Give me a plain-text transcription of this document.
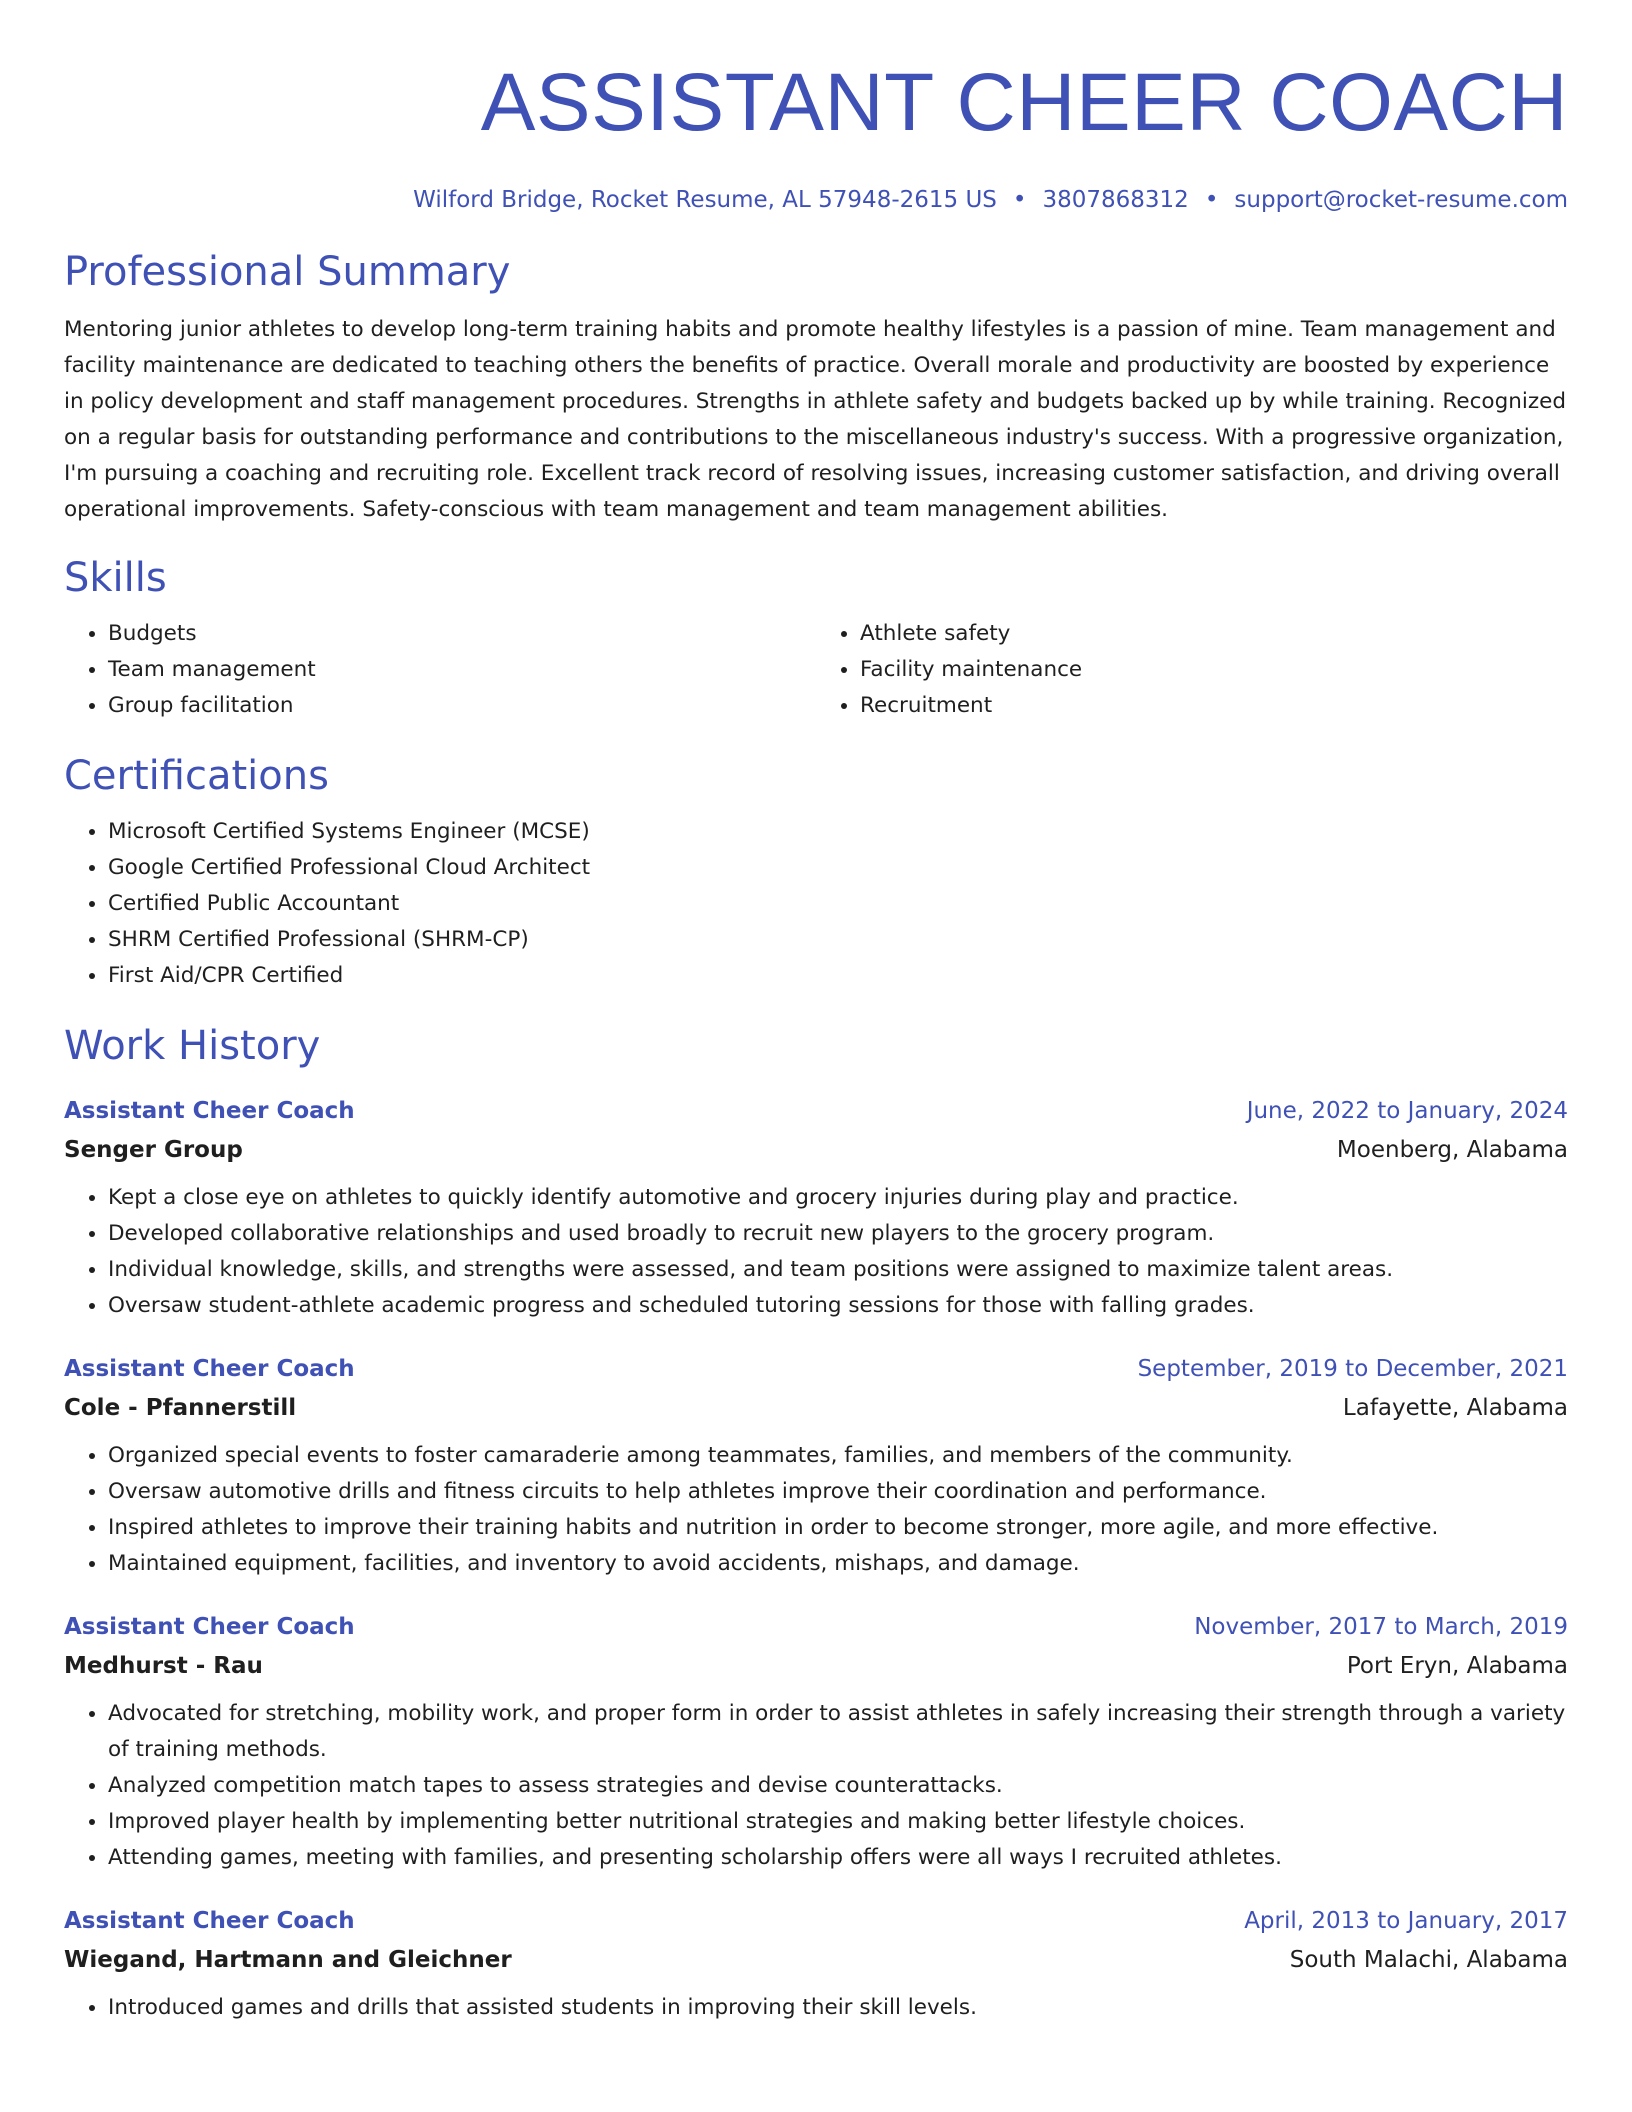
ASSISTANT CHEER COACH
Wilford Bridge, Rocket Resume, AL 57948-2615 US • 3807868312 • support@rocket-resume.com
Professional Summary

Mentoring junior athletes to develop long-term training habits and promote healthy lifestyles is a passion of mine. Team management and facility maintenance are dedicated to teaching others the benefits of practice. Overall morale and productivity are boosted by experience in policy development and staff management procedures. Strengths in athlete safety and budgets backed up by while training. Recognized on a regular basis for outstanding performance and contributions to the miscellaneous industry's success. With a progressive organization, I'm pursuing a coaching and recruiting role. Excellent track record of resolving issues, increasing customer satisfaction, and driving overall operational improvements. Safety-conscious with team management and team management abilities.

Skills
• Budgets
• Team management
• Group facilitation
• Athlete safety
• Facility maintenance
• Recruitment
Certifications
• Microsoft Certified Systems Engineer (MCSE)
• Google Certified Professional Cloud Architect
• Certified Public Accountant
• SHRM Certified Professional (SHRM-CP)
• First Aid/CPR Certified
Work History
Assistant Cheer Coach	June, 2022 to January, 2024
Senger Group	Moenberg, Alabama
• Kept a close eye on athletes to quickly identify automotive and grocery injuries during play and practice.
• Developed collaborative relationships and used broadly to recruit new players to the grocery program.
• Individual knowledge, skills, and strengths were assessed, and team positions were assigned to maximize talent areas.
• Oversaw student-athlete academic progress and scheduled tutoring sessions for those with falling grades.
Assistant Cheer Coach	September, 2019 to December, 2021
Cole - Pfannerstill	Lafayette, Alabama
• Organized special events to foster camaraderie among teammates, families, and members of the community.
• Oversaw automotive drills and fitness circuits to help athletes improve their coordination and performance.
• Inspired athletes to improve their training habits and nutrition in order to become stronger, more agile, and more effective.
• Maintained equipment, facilities, and inventory to avoid accidents, mishaps, and damage.
Assistant Cheer Coach	November, 2017 to March, 2019
Medhurst - Rau	Port Eryn, Alabama
• Advocated for stretching, mobility work, and proper form in order to assist athletes in safely increasing their strength through a variety of training methods.
• Analyzed competition match tapes to assess strategies and devise counterattacks.
• Improved player health by implementing better nutritional strategies and making better lifestyle choices.
• Attending games, meeting with families, and presenting scholarship offers were all ways I recruited athletes.
Assistant Cheer Coach	April, 2013 to January, 2017
Wiegand, Hartmann and Gleichner	South Malachi, Alabama
• Introduced games and drills that assisted students in improving their skill levels.
